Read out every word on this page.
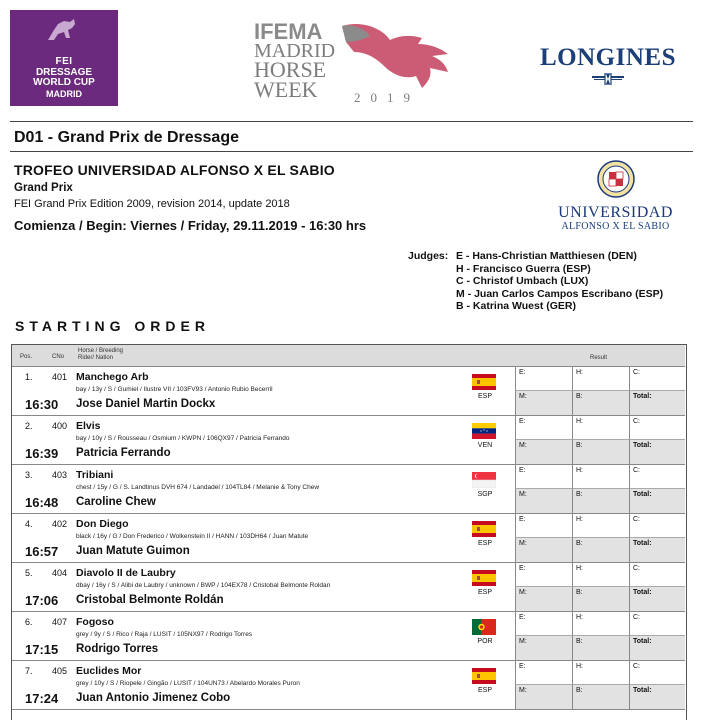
FEI
DRESSAGE
WORLD CUP
MADRID
IFEMA
MADRID
HORSE
WEEK	2019
LONGINES
D01 - Grand Prix de Dressage
TROFEO UNIVERSIDAD ALFONSO X EL SABIO
Grand Prix
FEI Grand Prix Edition 2009, revision 2014, update 2018
Comienza / Begin: Viernes / Friday, 29.11.2019 - 16:30 hrs
UNIVERSIDAD
ALFONSO X EL SABIO
Judges: E - Hans-Christian Matthiesen (DEN)
H - Francisco Guerra (ESP)
C - Christof Umbach (LUX)
M - Juan Carlos Campos Escribano (ESP)
B - Katrina Wuest (GER)
STARTING ORDER
Pos.	CNo
Horse / Breeding
Rider/ Nation	Result
1. 401 Manchego Arb
bay / 13y / S / Gumiel / Ilustre VII / 103FV93 / Antonio Rubio Becerril
16:30 Jose Daniel Martin Dockx
ESP
E:	H:	C:
M:	B:	Total:
2. 400 Elvis
bay / 10y / S / Rousseau / Osmium / KWPN / 106QX97 / Patricia Ferrando
16:39 Patricia Ferrando
VEN
E:	H:	C:
M:	B:	Total:
3. 403 Tribiani
chest / 15y / G / S. Landtinus DVH 674 / Landadel / 104TL84 / Melanie & Tony Chew
16:48 Caroline Chew
SGP
E:	H:	C:
M:	B:	Total:
4. 402 Don Diego
black / 16y / G / Don Frederico / Wolkenstein II / HANN / 103DH64 / Juan Matute
16:57 Juan Matute Guimon
ESP
E:	H:	C:
M:	B:	Total:
5. 404 Diavolo II de Laubry
dbay / 16y / S / Alibi de Laubry / unknown / BWP / 104EX78 / Cristobal Belmonte Roldan
17:06 Cristobal Belmonte Roldán
ESP
E:	H:	C:
M:	B:	Total:
6. 407 Fogoso
grey / 9y / S / Rico / Raja / LUSIT / 105NX97 / Rodrigo Torres
17:15 Rodrigo Torres
POR
E:	H:	C:
M:	B:	Total:
7. 405 Euclides Mor
grey / 10y / S / Riopele / Gingão / LUSIT / 104UN73 / Abelardo Morales Puron
17:24 Juan Antonio Jimenez Cobo
ESP
E:	H:	C:
M:	B:	Total:
